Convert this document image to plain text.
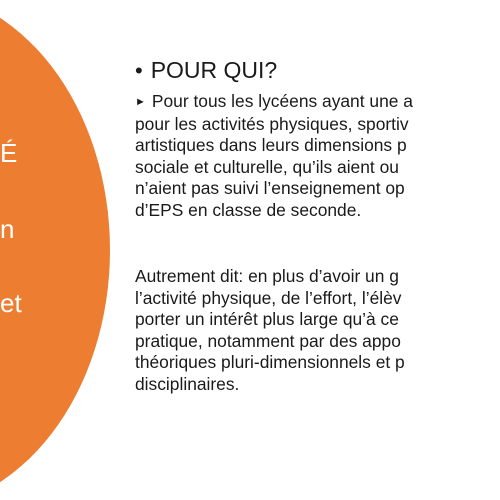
É
n
et
• POUR QUI?
► Pour tous les lycéens ayant une a
pour les activités physiques, sportiv
artistiques dans leurs dimensions p
sociale et culturelle, qu’ils aient ou
n’aient pas suivi l’enseignement op
d’EPS en classe de seconde.
Autrement dit: en plus d’avoir un g
l’activité physique, de l’effort, l’élèv
porter un intérêt plus large qu’à ce
pratique, notamment par des appo
théoriques pluri-dimensionnels et p
disciplinaires.
